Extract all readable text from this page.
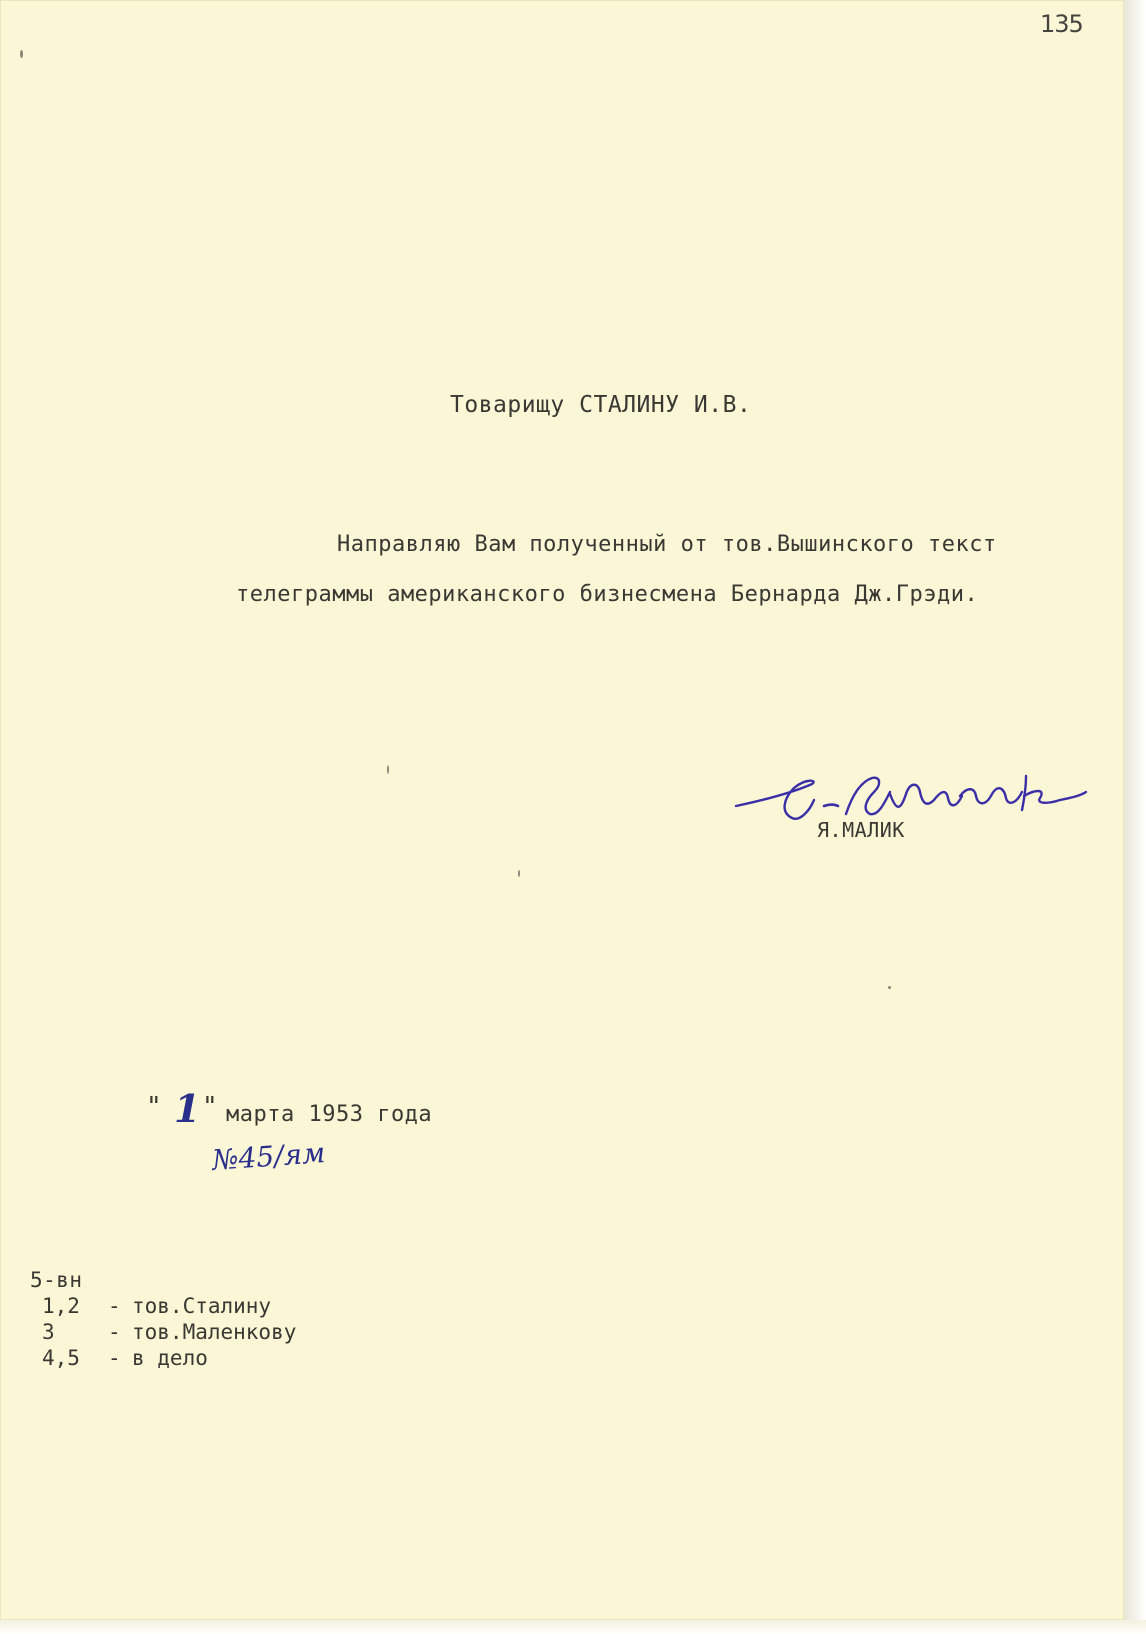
135
Товарищу СТАЛИНУ И.В.
Направляю Вам полученный от тов.Вышинского текст
телеграммы американского бизнесмена Бернарда Дж.Грэди.
Я.МАЛИК
" 1 " марта 1953 года
№45/ям
5-вн
1,2	- тов.Сталину
3	- тов.Маленкову
4,5	- в дело
